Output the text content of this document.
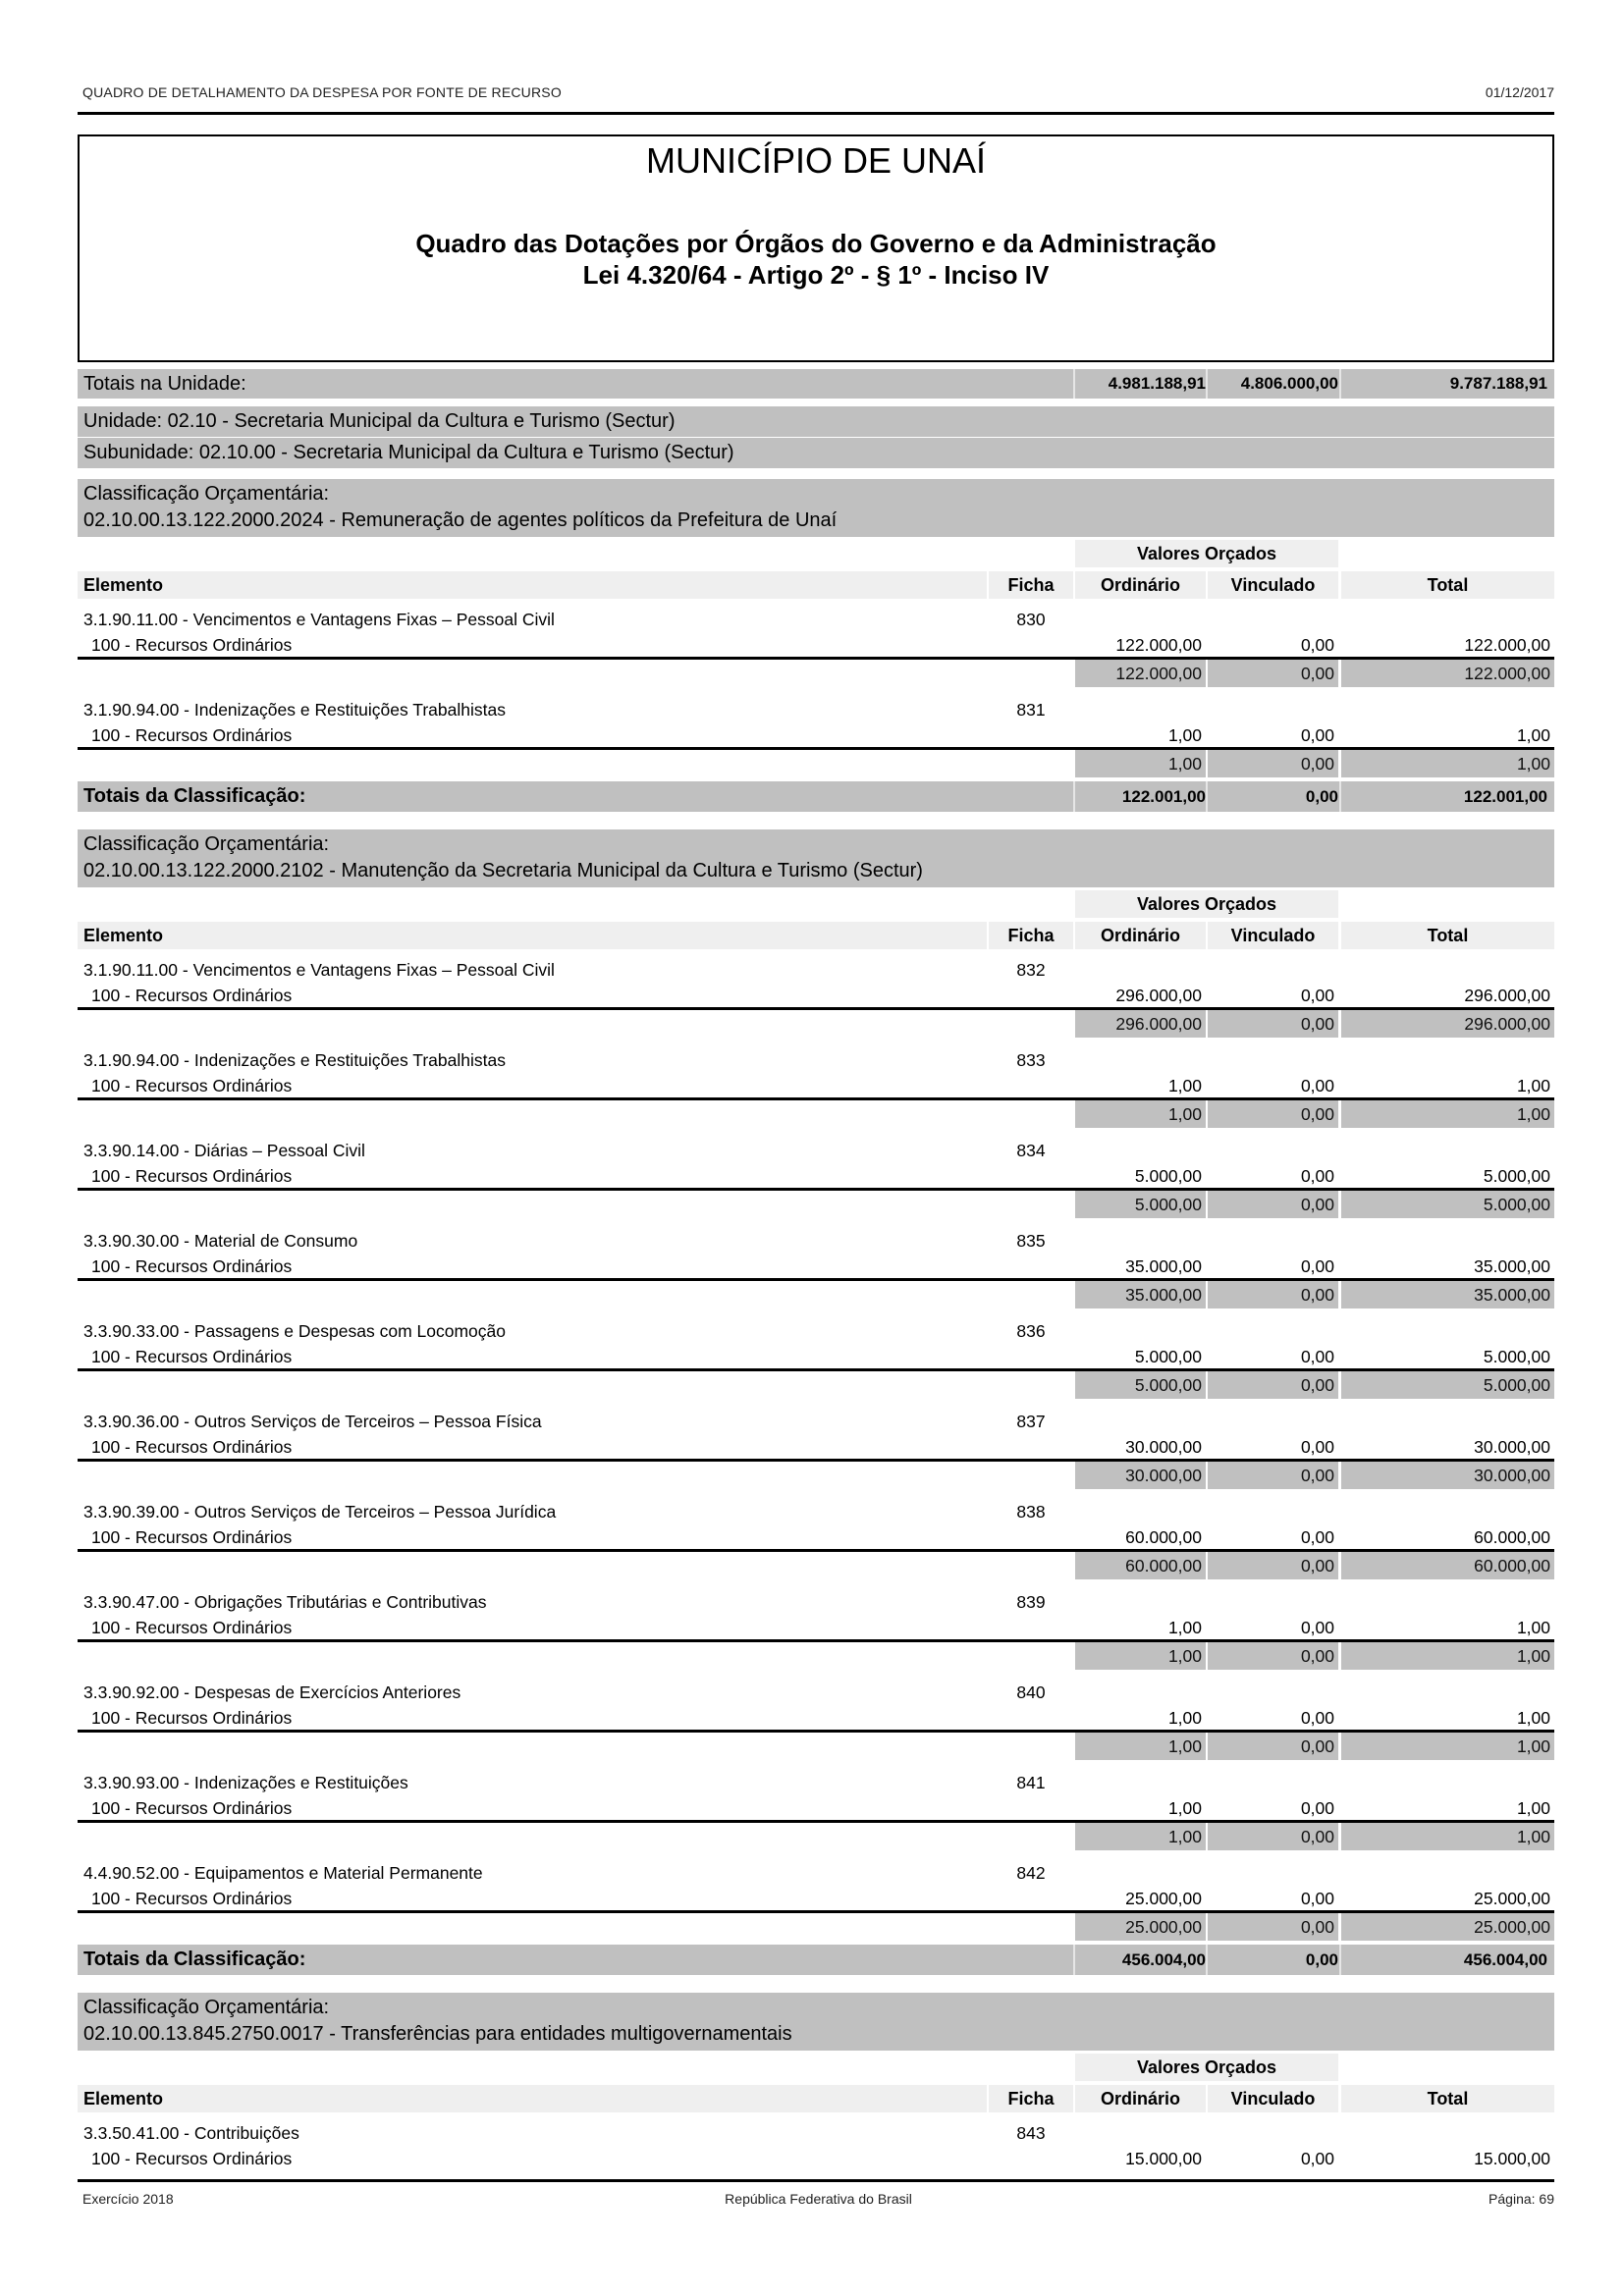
QUADRO DE DETALHAMENTO DA DESPESA POR FONTE DE RECURSO	01/12/2017
MUNICÍPIO DE UNAÍ
Quadro das Dotações por Órgãos do Governo e da Administração
Lei 4.320/64 - Artigo 2º - § 1º - Inciso IV
Totais na Unidade:	4.981.188,91	4.806.000,00	9.787.188,91
Unidade: 02.10 - Secretaria Municipal da Cultura e Turismo (Sectur)
Subunidade: 02.10.00 - Secretaria Municipal da Cultura e Turismo (Sectur)
Classificação Orçamentária:
02.10.00.13.122.2000.2024 - Remuneração de agentes políticos da Prefeitura de Unaí
Valores Orçados
Elemento	Ficha	Ordinário	Vinculado	Total
3.1.90.11.00 - Vencimentos e Vantagens Fixas – Pessoal Civil	830
100 - Recursos Ordinários	122.000,00	0,00	122.000,00
122.000,00	0,00	122.000,00
3.1.90.94.00 - Indenizações e Restituições Trabalhistas	831
100 - Recursos Ordinários	1,00	0,00	1,00
1,00	0,00	1,00
Totais da Classificação:	122.001,00	0,00	122.001,00
Classificação Orçamentária:
02.10.00.13.122.2000.2102 - Manutenção da Secretaria Municipal da Cultura e Turismo (Sectur)
Valores Orçados
Elemento	Ficha	Ordinário	Vinculado	Total
3.1.90.11.00 - Vencimentos e Vantagens Fixas – Pessoal Civil	832
100 - Recursos Ordinários	296.000,00	0,00	296.000,00
296.000,00	0,00	296.000,00
3.1.90.94.00 - Indenizações e Restituições Trabalhistas	833
100 - Recursos Ordinários	1,00	0,00	1,00
1,00	0,00	1,00
3.3.90.14.00 - Diárias – Pessoal Civil	834
100 - Recursos Ordinários	5.000,00	0,00	5.000,00
5.000,00	0,00	5.000,00
3.3.90.30.00 - Material de Consumo	835
100 - Recursos Ordinários	35.000,00	0,00	35.000,00
35.000,00	0,00	35.000,00
3.3.90.33.00 - Passagens e Despesas com Locomoção	836
100 - Recursos Ordinários	5.000,00	0,00	5.000,00
5.000,00	0,00	5.000,00
3.3.90.36.00 - Outros Serviços de Terceiros – Pessoa Física	837
100 - Recursos Ordinários	30.000,00	0,00	30.000,00
30.000,00	0,00	30.000,00
3.3.90.39.00 - Outros Serviços de Terceiros – Pessoa Jurídica	838
100 - Recursos Ordinários	60.000,00	0,00	60.000,00
60.000,00	0,00	60.000,00
3.3.90.47.00 - Obrigações Tributárias e Contributivas	839
100 - Recursos Ordinários	1,00	0,00	1,00
1,00	0,00	1,00
3.3.90.92.00 - Despesas de Exercícios Anteriores	840
100 - Recursos Ordinários	1,00	0,00	1,00
1,00	0,00	1,00
3.3.90.93.00 - Indenizações e Restituições	841
100 - Recursos Ordinários	1,00	0,00	1,00
1,00	0,00	1,00
4.4.90.52.00 - Equipamentos e Material Permanente	842
100 - Recursos Ordinários	25.000,00	0,00	25.000,00
25.000,00	0,00	25.000,00
Totais da Classificação:	456.004,00	0,00	456.004,00
Classificação Orçamentária:
02.10.00.13.845.2750.0017 - Transferências para entidades multigovernamentais
Valores Orçados
Elemento	Ficha	Ordinário	Vinculado	Total
3.3.50.41.00 - Contribuições	843
100 - Recursos Ordinários	15.000,00	0,00	15.000,00
Exercício 2018	República Federativa do Brasil	Página: 69
